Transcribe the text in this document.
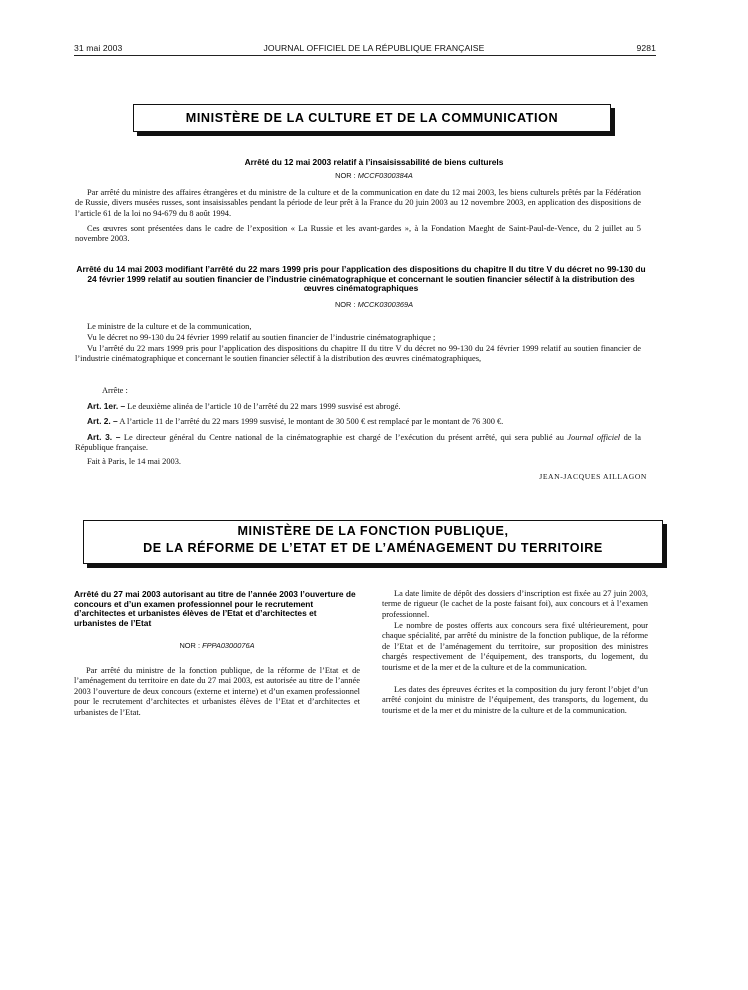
31 mai 2003	JOURNAL OFFICIEL DE LA RÉPUBLIQUE FRANÇAISE	9281
MINISTÈRE DE LA CULTURE ET DE LA COMMUNICATION
Arrêté du 12 mai 2003 relatif à l’insaisissabilité de biens culturels
NOR : MCCF0300384A
Par arrêté du ministre des affaires étrangères et du ministre de la culture et de la communication en date du 12 mai 2003, les biens culturels prêtés par la Fédération de Russie, divers musées russes, sont insaisissables pendant la période de leur prêt à la France du 20 juin 2003 au 12 novembre 2003, en application des dispositions de l’article 61 de la loi no 94-679 du 8 août 1994.
Ces œuvres sont présentées dans le cadre de l’exposition « La Russie et les avant-gardes », à la Fondation Maeght de Saint-Paul-de-Vence, du 2 juillet au 5 novembre 2003.
Arrêté du 14 mai 2003 modifiant l’arrêté du 22 mars 1999 pris pour l’application des dispositions du chapitre II du titre V du décret no 99-130 du 24 février 1999 relatif au soutien financier de l’industrie cinématographique et concernant le soutien financier sélectif à la distribution des œuvres cinématographiques
NOR : MCCK0300369A
Le ministre de la culture et de la communication,
Vu le décret no 99-130 du 24 février 1999 relatif au soutien financier de l’industrie cinématographique ;
Vu l’arrêté du 22 mars 1999 pris pour l’application des dispositions du chapitre II du titre V du décret no 99-130 du 24 février 1999 relatif au soutien financier de l’industrie cinématographique et concernant le soutien financier sélectif à la distribution des œuvres cinématographiques,
Arrête :
Art. 1er. – Le deuxième alinéa de l’article 10 de l’arrêté du 22 mars 1999 susvisé est abrogé.
Art. 2. – A l’article 11 de l’arrêté du 22 mars 1999 susvisé, le montant de 30 500 € est remplacé par le montant de 76 300 €.
Art. 3. – Le directeur général du Centre national de la cinématographie est chargé de l’exécution du présent arrêté, qui sera publié au Journal officiel de la République française.
Fait à Paris, le 14 mai 2003.
JEAN-JACQUES AILLAGON
MINISTÈRE DE LA FONCTION PUBLIQUE,
DE LA RÉFORME DE L’ETAT ET DE L’AMÉNAGEMENT DU TERRITOIRE
Arrêté du 27 mai 2003 autorisant au titre de l’année 2003 l’ouverture de concours et d’un examen professionnel pour le recrutement d’architectes et urbanistes élèves de l’Etat et d’architectes et urbanistes de l’Etat
NOR : FPPA0300076A
Par arrêté du ministre de la fonction publique, de la réforme de l’Etat et de l’aménagement du territoire en date du 27 mai 2003, est autorisée au titre de l’année 2003 l’ouverture de deux concours (externe et interne) et d’un examen professionnel pour le recrutement d’architectes et urbanistes élèves de l’Etat et d’architectes et urbanistes de l’Etat.
La date limite de dépôt des dossiers d’inscription est fixée au 27 juin 2003, terme de rigueur (le cachet de la poste faisant foi), aux concours et à l’examen professionnel.
Le nombre de postes offerts aux concours sera fixé ultérieurement, pour chaque spécialité, par arrêté du ministre de la fonction publique, de la réforme de l’Etat et de l’aménagement du territoire, sur proposition des ministres chargés respectivement de l’équipement, des transports, du logement, du tourisme et de la mer et de la culture et de la communication.
Les dates des épreuves écrites et la composition du jury feront l’objet d’un arrêté conjoint du ministre de l’équipement, des transports, du logement, du tourisme et de la mer et du ministre de la culture et de la communication.
